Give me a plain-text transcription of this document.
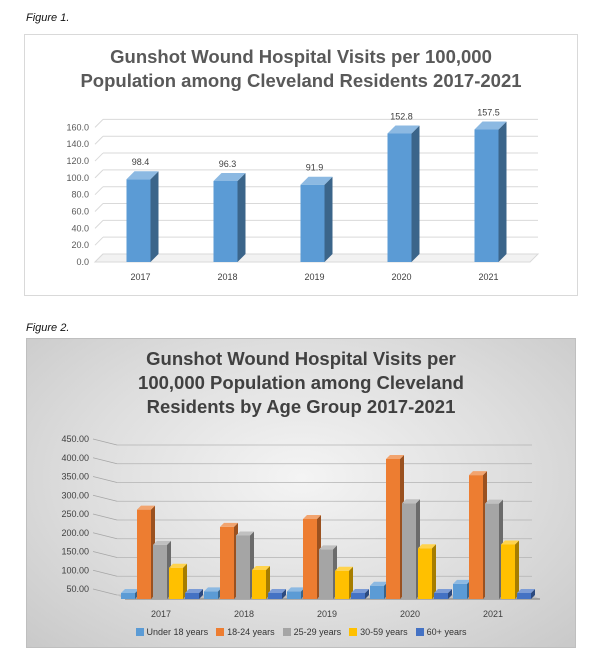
Figure 1.
Gunshot Wound Hospital Visits per 100,000 Population among Cleveland Residents 2017-2021
0.0
20.0
40.0
60.0
80.0
100.0
120.0
140.0
160.0
98.4
2017
96.3
2018
91.9
2019
152.8
2020
157.5
2021
Figure 2.
Gunshot Wound Hospital Visits per 100,000 Population among Cleveland Residents by Age Group 2017-2021
50.00
100.00
150.00
200.00
250.00
300.00
350.00
400.00
450.00
2017	2018	2019	2020	2021
Under 18 years 18-24 years 25-29 years 30-59 years 60+ years
